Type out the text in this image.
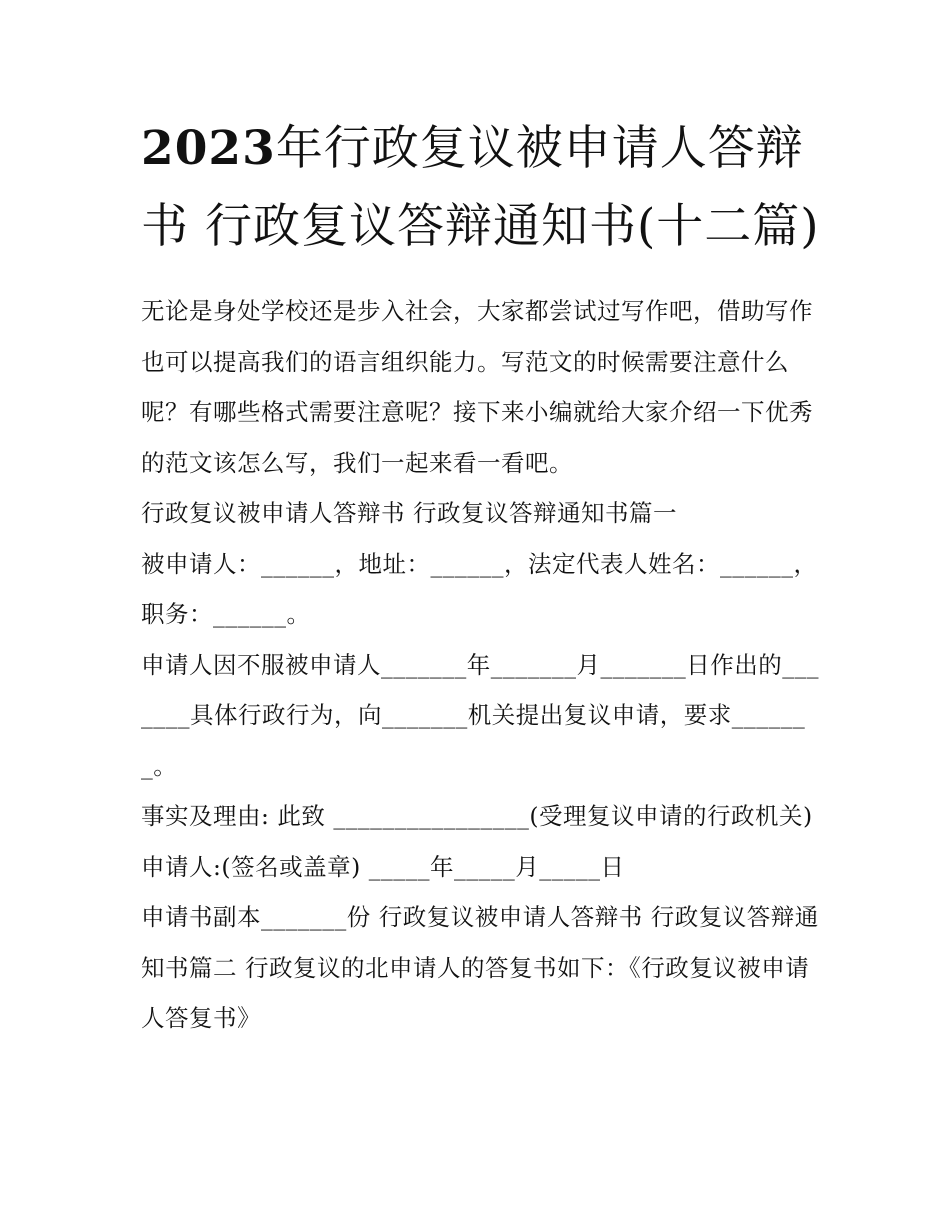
2023年行政复议被申请人答辩书 行政复议答辩通知书(十二篇)

无论是身处学校还是步入社会，大家都尝试过写作吧，借助写作也可以提高我们的语言组织能力。写范文的时候需要注意什么呢？有哪些格式需要注意呢？接下来小编就给大家介绍一下优秀的范文该怎么写，我们一起来看一看吧。

行政复议被申请人答辩书 行政复议答辩通知书篇一

被申请人：______，地址：______，法定代表人姓名：______，职务：______。

申请人因不服被申请人_______年_______月_______日作出的_______具体行政行为，向_______机关提出复议申请，要求_______。

事实及理由: 此致 ________________(受理复议申请的行政机关) 申请人:(签名或盖章) _____年_____月_____日

申请书副本_______份 行政复议被申请人答辩书 行政复议答辩通知书篇二 行政复议的北申请人的答复书如下：《行政复议被申请人答复书》
